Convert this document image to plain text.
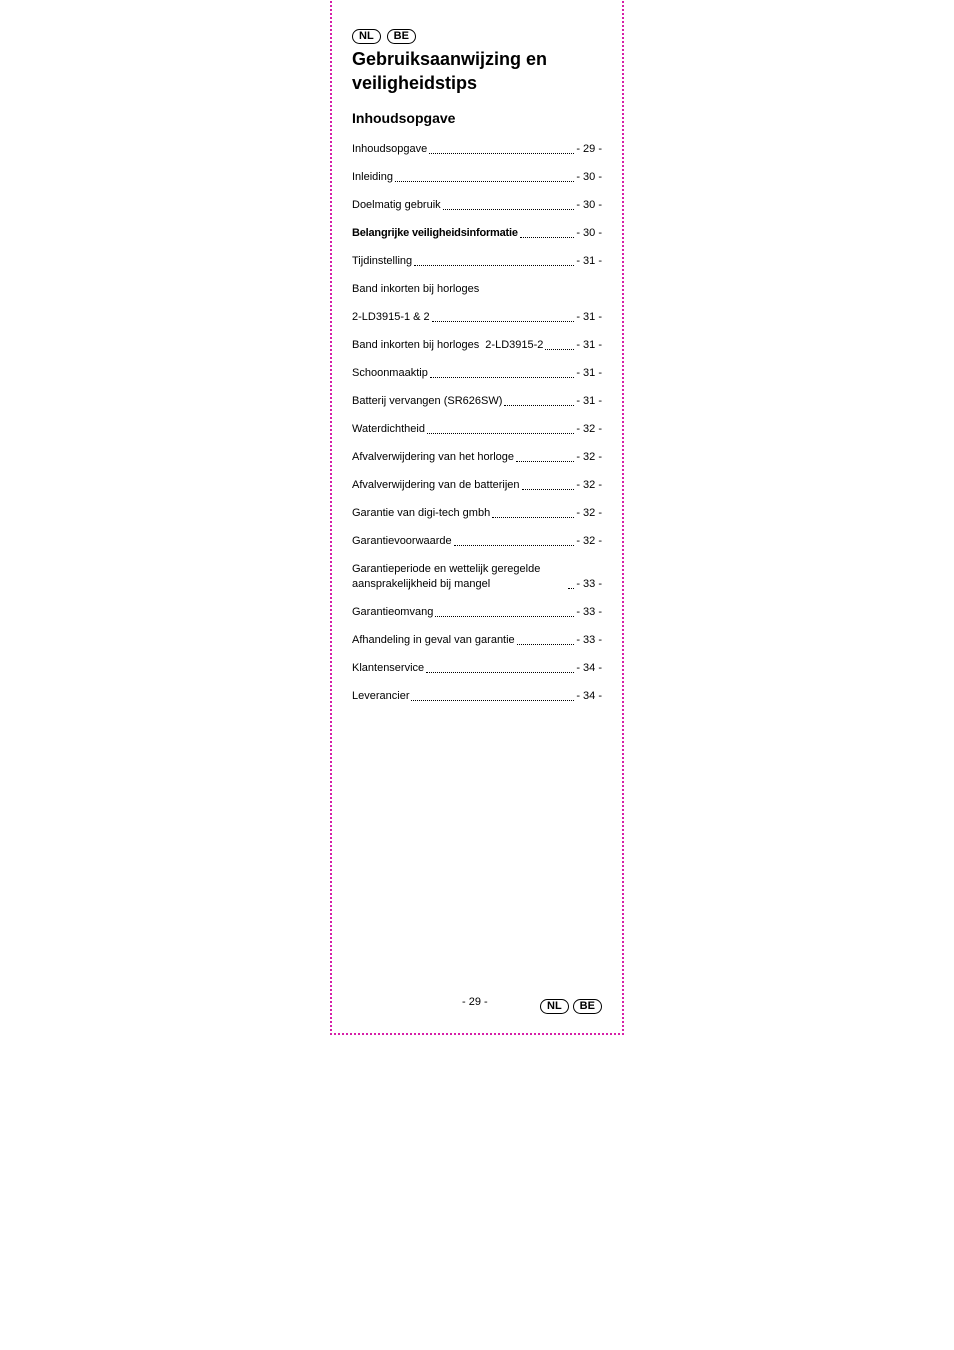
NL	BE
Gebruiksaanwijzing en veiligheidstips
Inhoudsopgave
Inhoudsopgave	- 29 -
Inleiding	- 30 -
Doelmatig gebruik	- 30 -
Belangrijke veiligheidsinformatie	- 30 -
Tijdinstelling	- 31 -
Band inkorten bij horloges
2-LD3915-1 & 2	- 31 -
Band inkorten bij horloges  2-LD3915-2	- 31 -
Schoonmaaktip	- 31 -
Batterij vervangen (SR626SW)	- 31 -
Waterdichtheid	- 32 -
Afvalverwijdering van het horloge	- 32 -
Afvalverwijdering van de batterijen	- 32 -
Garantie van digi-tech gmbh	- 32 -
Garantievoorwaarde	- 32 -
Garantieperiode en wettelijk geregelde aansprakelijkheid bij mangel	- 33 -
Garantieomvang	- 33 -
Afhandeling in geval van garantie	- 33 -
Klantenservice	- 34 -
Leverancier	- 34 -
- 29 -	NL	BE
